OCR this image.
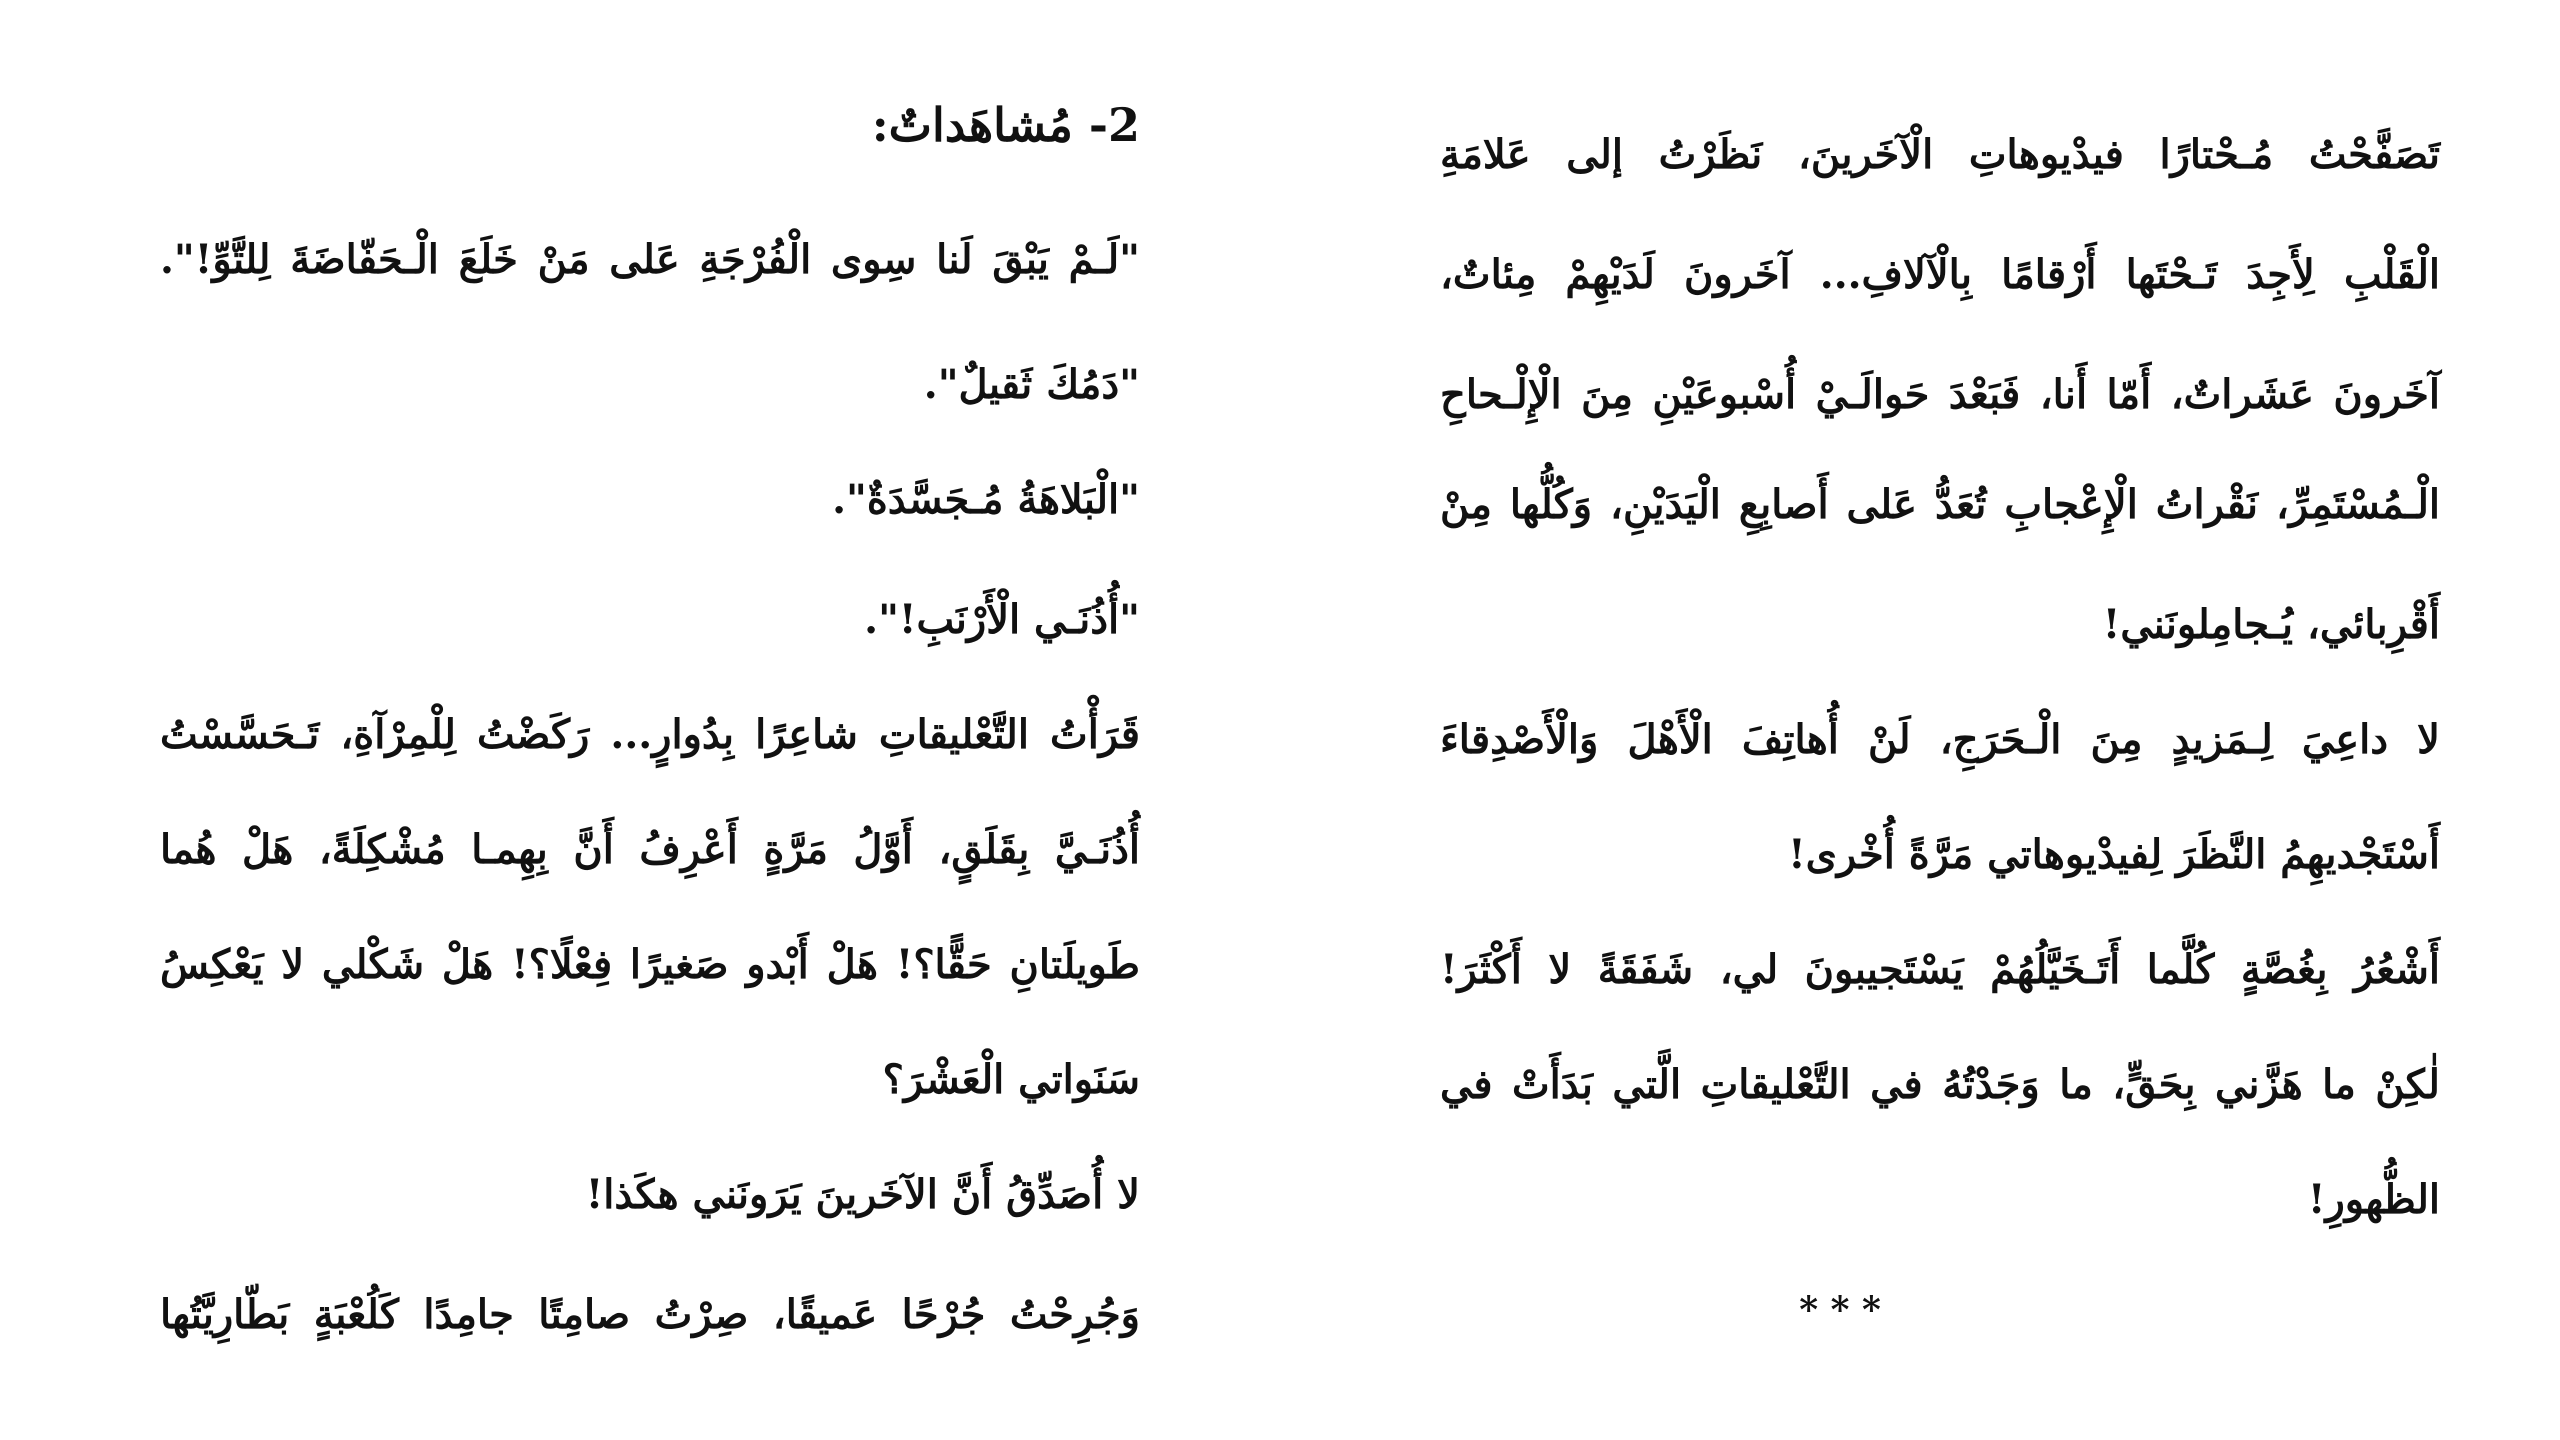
تَصَفَّحْتُ مُـحْتارًا فيدْيوهاتِ الْآخَرينَ، نَظَرْتُ إلى عَلامَةِ
الْقَلْبِ لِأَجِدَ تَـحْتَها أَرْقامًا بِالْآلافِ... آخَرونَ لَدَيْهِمْ مِئاتٌ،
آخَرونَ عَشَراتٌ، أَمّا أَنا، فَبَعْدَ حَوالَـيْ أُسْبوعَيْنِ مِنَ الْإِلْـحاحِ
الْـمُسْتَمِرِّ، نَقْراتُ الْإِعْجابِ تُعَدُّ عَلى أَصابِعِ الْيَدَيْنِ، وَكُلُّها مِنْ
أَقْرِبائي، يُـجامِلونَني!
لا داعِيَ لِـمَزيدٍ مِنَ الْـحَرَجِ، لَنْ أُهاتِفَ الْأَهْلَ وَالْأَصْدِقاءَ
أَسْتَجْديهِمُ النَّظَرَ لِفيدْيوهاتي مَرَّةً أُخْرى!
أَشْعُرُ بِغُصَّةٍ كُلَّما أَتَـخَيَّلُهُمْ يَسْتَجيبونَ لي، شَفَقَةً لا أَكْثَرَ!
لٰكِنْ ما هَزَّني بِحَقٍّ، ما وَجَدْتُهُ في التَّعْليقاتِ الَّتي بَدَأَتْ في
الظُّهورِ!
* * *
2- مُشاهَداتٌ:
"لَـمْ يَبْقَ لَنا سِوى الْفُرْجَةِ عَلى مَنْ خَلَعَ الْـحَفّاضَةَ لِلتَّوِّ!".
"دَمُكَ ثَقيلٌ".
"الْبَلاهَةُ مُـجَسَّدَةٌ".
"أُذُنَـي الْأَرْنَبِ!".
قَرَأْتُ التَّعْليقاتِ شاعِرًا بِدُوارٍ... رَكَضْتُ لِلْمِرْآةِ، تَـحَسَّسْتُ
أُذُنَـيَّ بِقَلَقٍ، أَوَّلُ مَرَّةٍ أَعْرِفُ أَنَّ بِهِمـا مُشْكِلَةً، هَلْ هُما
طَويلَتانِ حَقًّا؟! هَلْ أَبْدو صَغيرًا فِعْلًا؟! هَلْ شَكْلي لا يَعْكِسُ
سَنَواتي الْعَشْرَ؟
لا أُصَدِّقُ أَنَّ الآخَرينَ يَرَونَني هكَذا!
وَجُرِحْتُ جُرْحًا عَميقًا، صِرْتُ صامِتًا جامِدًا كَلُعْبَةٍ بَطّارِيَّتُها
